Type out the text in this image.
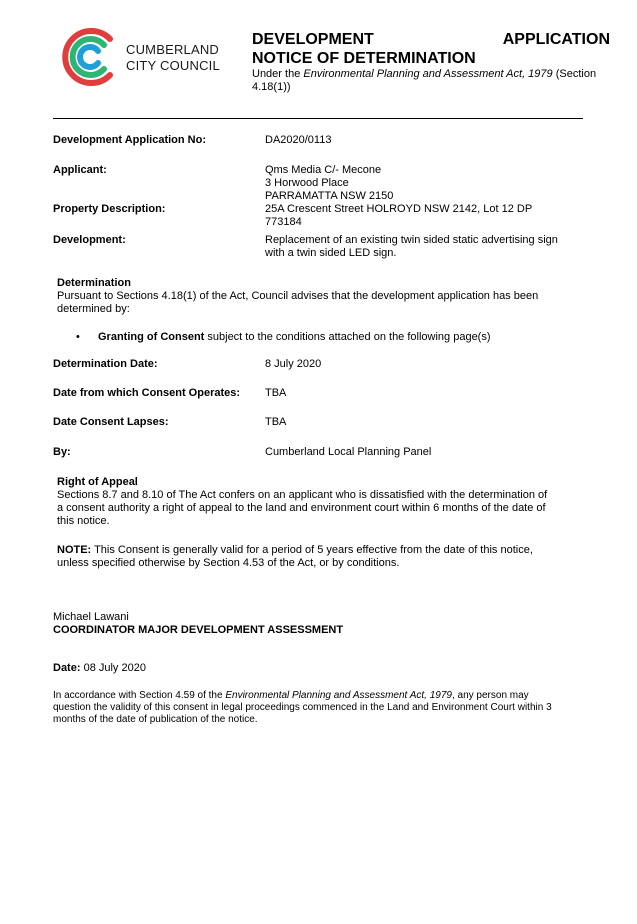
CUMBERLAND
CITY COUNCIL
DEVELOPMENT	APPLICATION
NOTICE OF DETERMINATION
Under the Environmental Planning and Assessment Act, 1979 (Section 4.18(1))
Development Application No:	DA2020/0113
Applicant:	Qms Media C/- Mecone
3 Horwood Place
PARRAMATTA NSW 2150
Property Description:	25A Crescent Street HOLROYD NSW 2142, Lot 12 DP
773184
Development:	Replacement of an existing twin sided static advertising sign
with a twin sided LED sign.
Determination
Pursuant to Sections 4.18(1) of the Act, Council advises that the development application has been
determined by:
• Granting of Consent subject to the conditions attached on the following page(s)
Determination Date:	8 July 2020
Date from which Consent Operates: TBA
Date Consent Lapses:	TBA
By:	Cumberland Local Planning Panel
Right of Appeal
Sections 8.7 and 8.10 of The Act confers on an applicant who is dissatisfied with the determination of
a consent authority a right of appeal to the land and environment court within 6 months of the date of
this notice.
NOTE: This Consent is generally valid for a period of 5 years effective from the date of this notice,
unless specified otherwise by Section 4.53 of the Act, or by conditions.
Michael Lawani
COORDINATOR MAJOR DEVELOPMENT ASSESSMENT
Date: 08 July 2020
In accordance with Section 4.59 of the Environmental Planning and Assessment Act, 1979, any person may
question the validity of this consent in legal proceedings commenced in the Land and Environment Court within 3
months of the date of publication of the notice.
